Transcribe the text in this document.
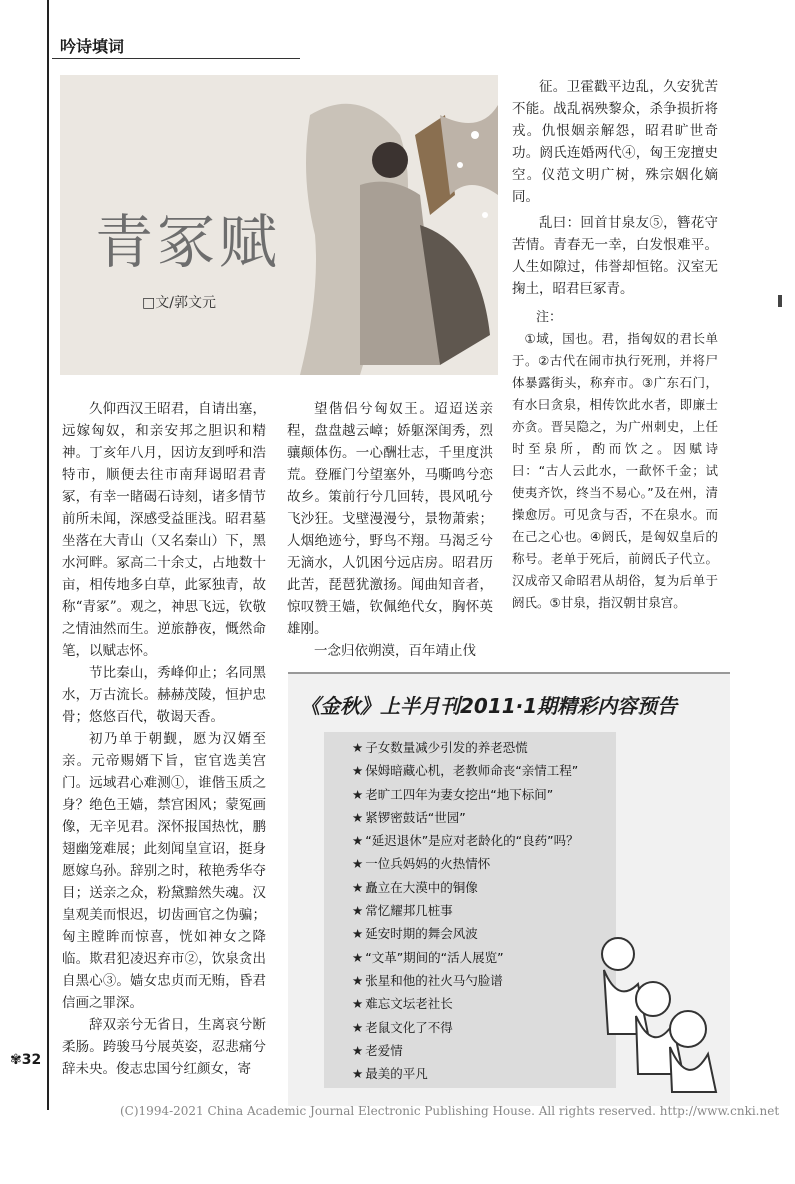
吟诗填词
青冢赋
□文/郭文元

久仰西汉王昭君，自请出塞，远嫁匈奴，和亲安邦之胆识和精神。丁亥年八月，因访友到呼和浩特市，顺便去往市南拜谒昭君青冢，有幸一睹碣石诗刻，诸多情节前所未闻，深感受益匪浅。昭君墓坐落在大青山（又名秦山）下，黑水河畔。冢高二十余丈，占地数十亩，相传地多白草，此冢独青，故称“青冢”。观之，神思飞远，钦敬之情油然而生。逆旅静夜，慨然命笔，以赋志怀。

节比秦山，秀峰仰止；名同黑水，万古流长。赫赫茂陵，恒护忠骨；悠悠百代，敬谒天香。

初乃单于朝觐，愿为汉婿至亲。元帝赐婿下旨，宦官选美宫门。远域君心难测①，谁偕玉质之身？绝色王嫱，禁宫困风；蒙冤画像，无辛见君。深怀报国热忱，鹏翅幽笼难展；此刻闻皇宣诏，挺身愿嫁乌孙。辞别之时，秾艳秀华夺目；送亲之众，粉黛黯然失魂。汉皇观美而恨迟，切齿画官之伪骗；匈主瞠眸而惊喜，恍如神女之降临。欺君犯凌迟弃市②，饮泉贪出自黑心③。嫱女忠贞而无贿，昏君信画之罪深。

辞双亲兮无省日，生离哀兮断柔肠。跨骏马兮展英姿，忍悲痛兮辞未央。俊志忠国兮红颜女，寄

望偕侣兮匈奴王。迢迢送亲程，盘盘越云嶂；娇躯深闺秀，烈骧颠体伤。一心酬壮志，千里度洪荒。登雁门兮望塞外，马嘶鸣兮恋故乡。策前行兮几回转，畏风吼兮飞沙狂。戈壁漫漫兮，景物萧索；人烟绝迹兮，野鸟不翔。马渴乏兮无滴水，人饥困兮远店房。昭君历此苦，琵琶犹激扬。闻曲知音者，惊叹赞王嫱，钦佩绝代女，胸怀英雄刚。

一念归依朔漠，百年靖止伐

征。卫霍戳平边乱，久安犹苦不能。战乱祸殃黎众，杀争损折将戎。仇恨姻亲解怨，昭君旷世奇功。阏氏连婚两代④，匈王宠擅史空。仪范文明广树，殊宗姻化嫡同。

乱曰：回首甘泉友⑤，簪花守苦情。青春无一幸，白发恨难平。人生如隙过，伟誉却恒铭。汉室无掬土，昭君巨冢青。

注：

①域，国也。君，指匈奴的君长单于。②古代在闹市执行死刑，并将尸体暴露街头，称弃市。③广东石门，有水曰贪泉，相传饮此水者，即廉士亦贪。晋吴隐之，为广州刺史，上任时至泉所，酌而饮之。因赋诗曰：“古人云此水，一歃怀千金；试使夷齐饮，终当不易心。”及在州，清操愈厉。可见贪与否，不在泉水。而在己之心也。④阏氏，是匈奴皇后的称号。老单于死后，前阏氏子代立。汉成帝又命昭君从胡俗，复为后单于阏氏。⑤甘泉，指汉朝甘泉宫。

《金秋》上半月刊2011·1期精彩内容预告
★ 子女数量减少引发的养老恐慌
★ 保姆暗藏心机，老教师命丧“亲情工程”
★ 老旷工四年为妻女挖出“地下标间”
★ 紧锣密鼓话“世园”
★ “延迟退休”是应对老龄化的“良药”吗？
★ 一位兵妈妈的火热情怀
★ 矗立在大漠中的铜像
★ 常忆耀邦几桩事
★ 延安时期的舞会风波
★ “文革”期间的“活人展览”
★ 张星和他的社火马勺脸谱
★ 难忘文坛老社长
★ 老鼠文化了不得
★ 老爱情
★ 最美的平凡
✾32
(C)1994-2021 China Academic Journal Electronic Publishing House. All rights reserved. http://www.cnki.net
